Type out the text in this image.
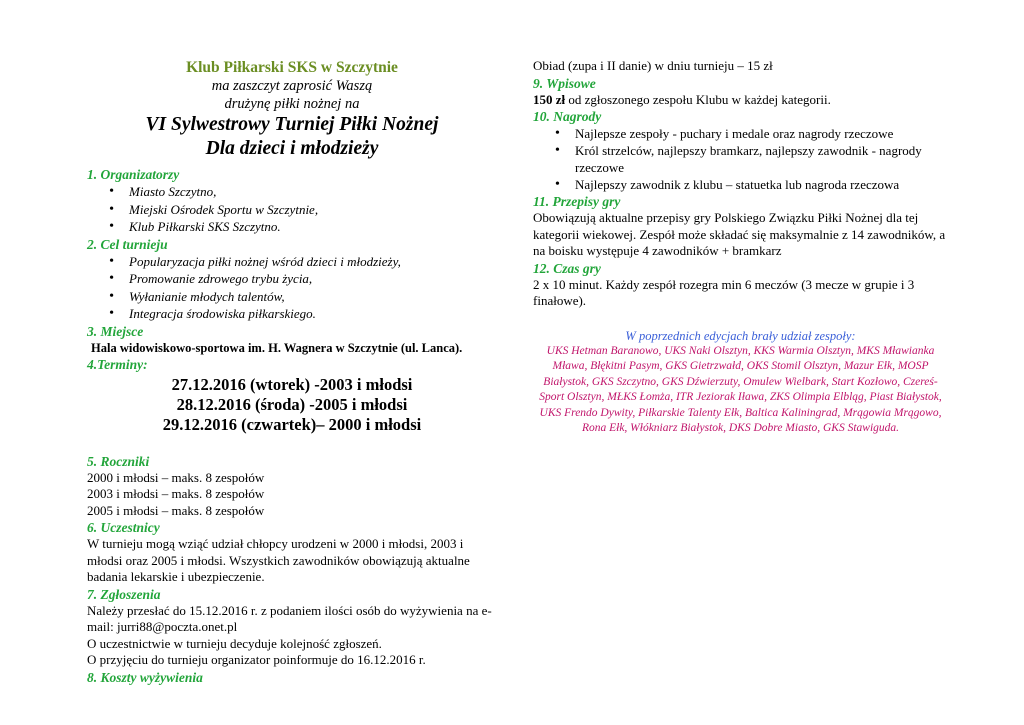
Klub Piłkarski SKS w Szczytnie
ma zaszczyt zaprosić Waszą
drużynę piłki nożnej na
VI Sylwestrowy Turniej Piłki Nożnej
Dla dzieci i młodzieży
1. Organizatorzy
• Miasto Szczytno,
• Miejski Ośrodek Sportu w Szczytnie,
• Klub Piłkarski SKS Szczytno.
2. Cel turnieju
• Popularyzacja piłki nożnej wśród dzieci i młodzieży,
• Promowanie zdrowego trybu życia,
• Wyłanianie młodych talentów,
• Integracja środowiska piłkarskiego.
3. Miejsce
Hala widowiskowo-sportowa im. H. Wagnera w Szczytnie (ul. Lanca).
4.Terminy:
27.12.2016 (wtorek) -2003 i młodsi
28.12.2016 (środa) -2005 i młodsi
29.12.2016 (czwartek)– 2000 i młodsi
5. Roczniki
2000 i młodsi – maks. 8 zespołów
2003 i młodsi – maks. 8 zespołów
2005 i młodsi – maks. 8 zespołów
6. Uczestnicy
W turnieju mogą wziąć udział chłopcy urodzeni w 2000 i młodsi, 2003 i młodsi oraz 2005 i młodsi. Wszystkich zawodników obowiązują aktualne badania lekarskie i ubezpieczenie.
7. Zgłoszenia
Należy przesłać do 15.12.2016 r. z podaniem ilości osób do wyżywienia na e-mail: jurri88@poczta.onet.pl
O uczestnictwie w turnieju decyduje kolejność zgłoszeń.
O przyjęciu do turnieju organizator poinformuje do 16.12.2016 r.
8. Koszty wyżywienia
Obiad (zupa i II danie) w dniu turnieju – 15 zł
9. Wpisowe
150 zł od zgłoszonego zespołu Klubu w każdej kategorii.
10. Nagrody
• Najlepsze zespoły - puchary i medale oraz nagrody rzeczowe
• Król strzelców, najlepszy bramkarz, najlepszy zawodnik - nagrody rzeczowe
• Najlepszy zawodnik z klubu – statuetka lub nagroda rzeczowa
11. Przepisy gry
Obowiązują aktualne przepisy gry Polskiego Związku Piłki Nożnej dla tej kategorii wiekowej. Zespół może składać się maksymalnie z 14 zawodników, a na boisku występuje 4 zawodników + bramkarz
12. Czas gry
2 x 10 minut. Każdy zespół rozegra min 6 meczów (3 mecze w grupie i 3 finałowe).
W poprzednich edycjach brały udział zespoły:
UKS Hetman Baranowo, UKS Naki Olsztyn, KKS Warmia Olsztyn, MKS Mławianka Mława, Błękitni Pasym, GKS Gietrzwałd, OKS Stomil Olsztyn, Mazur Ełk, MOSP Białystok, GKS Szczytno, GKS Dźwierzuty, Omulew Wielbark, Start Kozłowo, Czereś-Sport Olsztyn, MŁKS Łomża, ITR Jeziorak Iława, ZKS Olimpia Elbląg, Piast Białystok, UKS Frendo Dywity, Piłkarskie Talenty Ełk, Baltica Kaliningrad, Mrągowia Mrągowo, Rona Ełk, Włókniarz Białystok, DKS Dobre Miasto, GKS Stawiguda.
